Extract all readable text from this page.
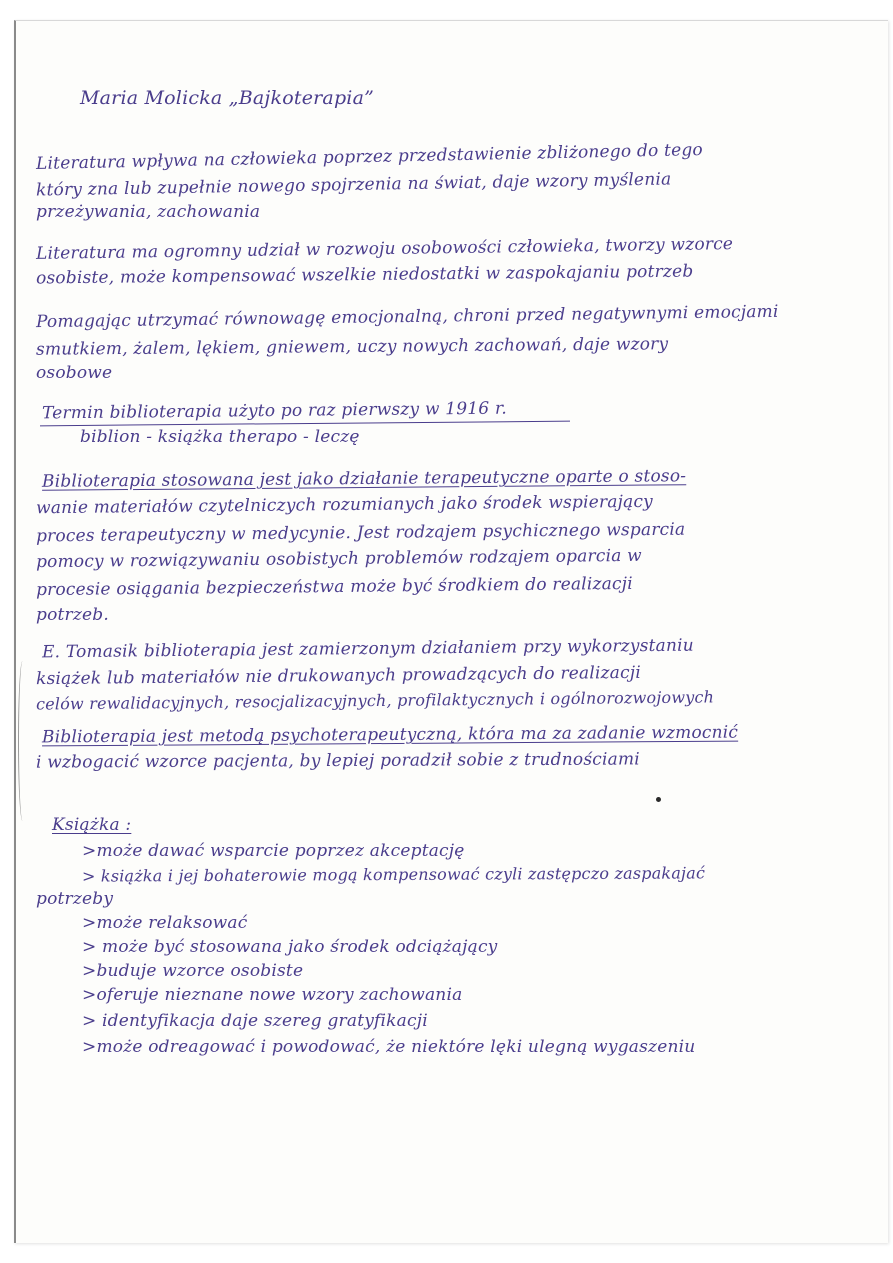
Maria Molicka „Bajkoterapia”
Literatura wpływa na człowieka poprzez przedstawienie zbliżonego do tego
który zna lub zupełnie nowego spojrzenia na świat, daje wzory myślenia
przeżywania, zachowania
Literatura ma ogromny udział w rozwoju osobowości człowieka, tworzy wzorce
osobiste, może kompensować wszelkie niedostatki w zaspokajaniu potrzeb
Pomagając utrzymać równowagę emocjonalną, chroni przed negatywnymi emocjami
smutkiem, żalem, lękiem, gniewem, uczy nowych zachowań, daje wzory
osobowe
Termin biblioterapia użyto po raz pierwszy w 1916 r.
biblion - książka therapo - leczę
Biblioterapia stosowana jest jako działanie terapeutyczne oparte o stoso-
wanie materiałów czytelniczych rozumianych jako środek wspierający
proces terapeutyczny w medycynie. Jest rodzajem psychicznego wsparcia
pomocy w rozwiązywaniu osobistych problemów rodzajem oparcia w
procesie osiągania bezpieczeństwa może być środkiem do realizacji
potrzeb.
E. Tomasik biblioterapia jest zamierzonym działaniem przy wykorzystaniu
książek lub materiałów nie drukowanych prowadzących do realizacji
celów rewalidacyjnych, resocjalizacyjnych, profilaktycznych i ogólnorozwojowych
Biblioterapia jest metodą psychoterapeutyczną, która ma za zadanie wzmocnić
i wzbogacić wzorce pacjenta, by lepiej poradził sobie z trudnościami
Książka :
>może dawać wsparcie poprzez akceptację
> książka i jej bohaterowie mogą kompensować czyli zastępczo zaspakajać
potrzeby
>może relaksować
> może być stosowana jako środek odciążający
>buduje wzorce osobiste
>oferuje nieznane nowe wzory zachowania
> identyfikacja daje szereg gratyfikacji
>może odreagować i powodować, że niektóre lęki ulegną wygaszeniu
